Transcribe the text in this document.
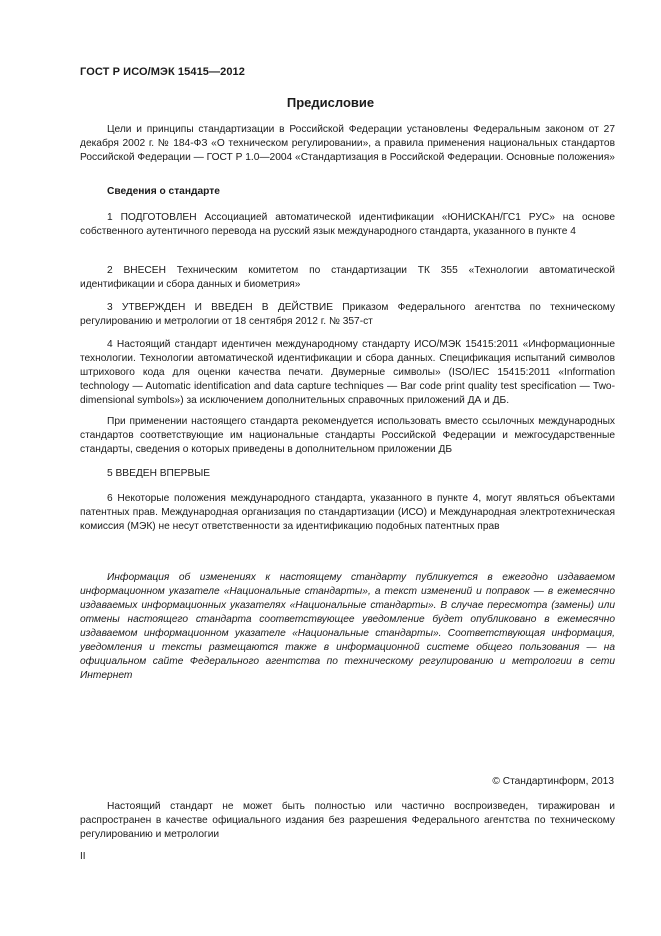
ГОСТ Р ИСО/МЭК 15415—2012
Предисловие

Цели и принципы стандартизации в Российской Федерации установлены Федеральным законом от 27 декабря 2002 г. № 184-ФЗ «О техническом регулировании», а правила применения национальных стандартов Российской Федерации — ГОСТ Р 1.0—2004 «Стандартизация в Российской Федерации. Основные положения»

Сведения о стандарте

1 ПОДГОТОВЛЕН Ассоциацией автоматической идентификации «ЮНИСКАН/ГС1 РУС» на основе собственного аутентичного перевода на русский язык международного стандарта, указанного в пункте 4

2 ВНЕСЕН Техническим комитетом по стандартизации ТК 355 «Технологии автоматической идентификации и сбора данных и биометрия»

3 УТВЕРЖДЕН И ВВЕДЕН В ДЕЙСТВИЕ Приказом Федерального агентства по техническому регулированию и метрологии от 18 сентября 2012 г. № 357-ст

4 Настоящий стандарт идентичен международному стандарту ИСО/МЭК 15415:2011 «Информационные технологии. Технологии автоматической идентификации и сбора данных. Спецификация испытаний символов штрихового кода для оценки качества печати. Двумерные символы» (ISO/IEC 15415:2011 «Information technology — Automatic identification and data capture techniques — Bar code print quality test specification — Two-dimensional symbols») за исключением дополнительных справочных приложений ДА и ДБ.

При применении настоящего стандарта рекомендуется использовать вместо ссылочных международных стандартов соответствующие им национальные стандарты Российской Федерации и межгосударственные стандарты, сведения о которых приведены в дополнительном приложении ДБ

5 ВВЕДЕН ВПЕРВЫЕ

6 Некоторые положения международного стандарта, указанного в пункте 4, могут являться объектами патентных прав. Международная организация по стандартизации (ИСО) и Международная электротехническая комиссия (МЭК) не несут ответственности за идентификацию подобных патентных прав

Информация об изменениях к настоящему стандарту публикуется в ежегодно издаваемом информационном указателе «Национальные стандарты», а текст изменений и поправок — в ежемесячно издаваемых информационных указателях «Национальные стандарты». В случае пересмотра (замены) или отмены настоящего стандарта соответствующее уведомление будет опубликовано в ежемесячно издаваемом информационном указателе «Национальные стандарты». Соответствующая информация, уведомления и тексты размещаются также в информационной системе общего пользования — на официальном сайте Федерального агентства по техническому регулированию и метрологии в сети Интернет

© Стандартинформ, 2013

Настоящий стандарт не может быть полностью или частично воспроизведен, тиражирован и распространен в качестве официального издания без разрешения Федерального агентства по техническому регулированию и метрологии

II
